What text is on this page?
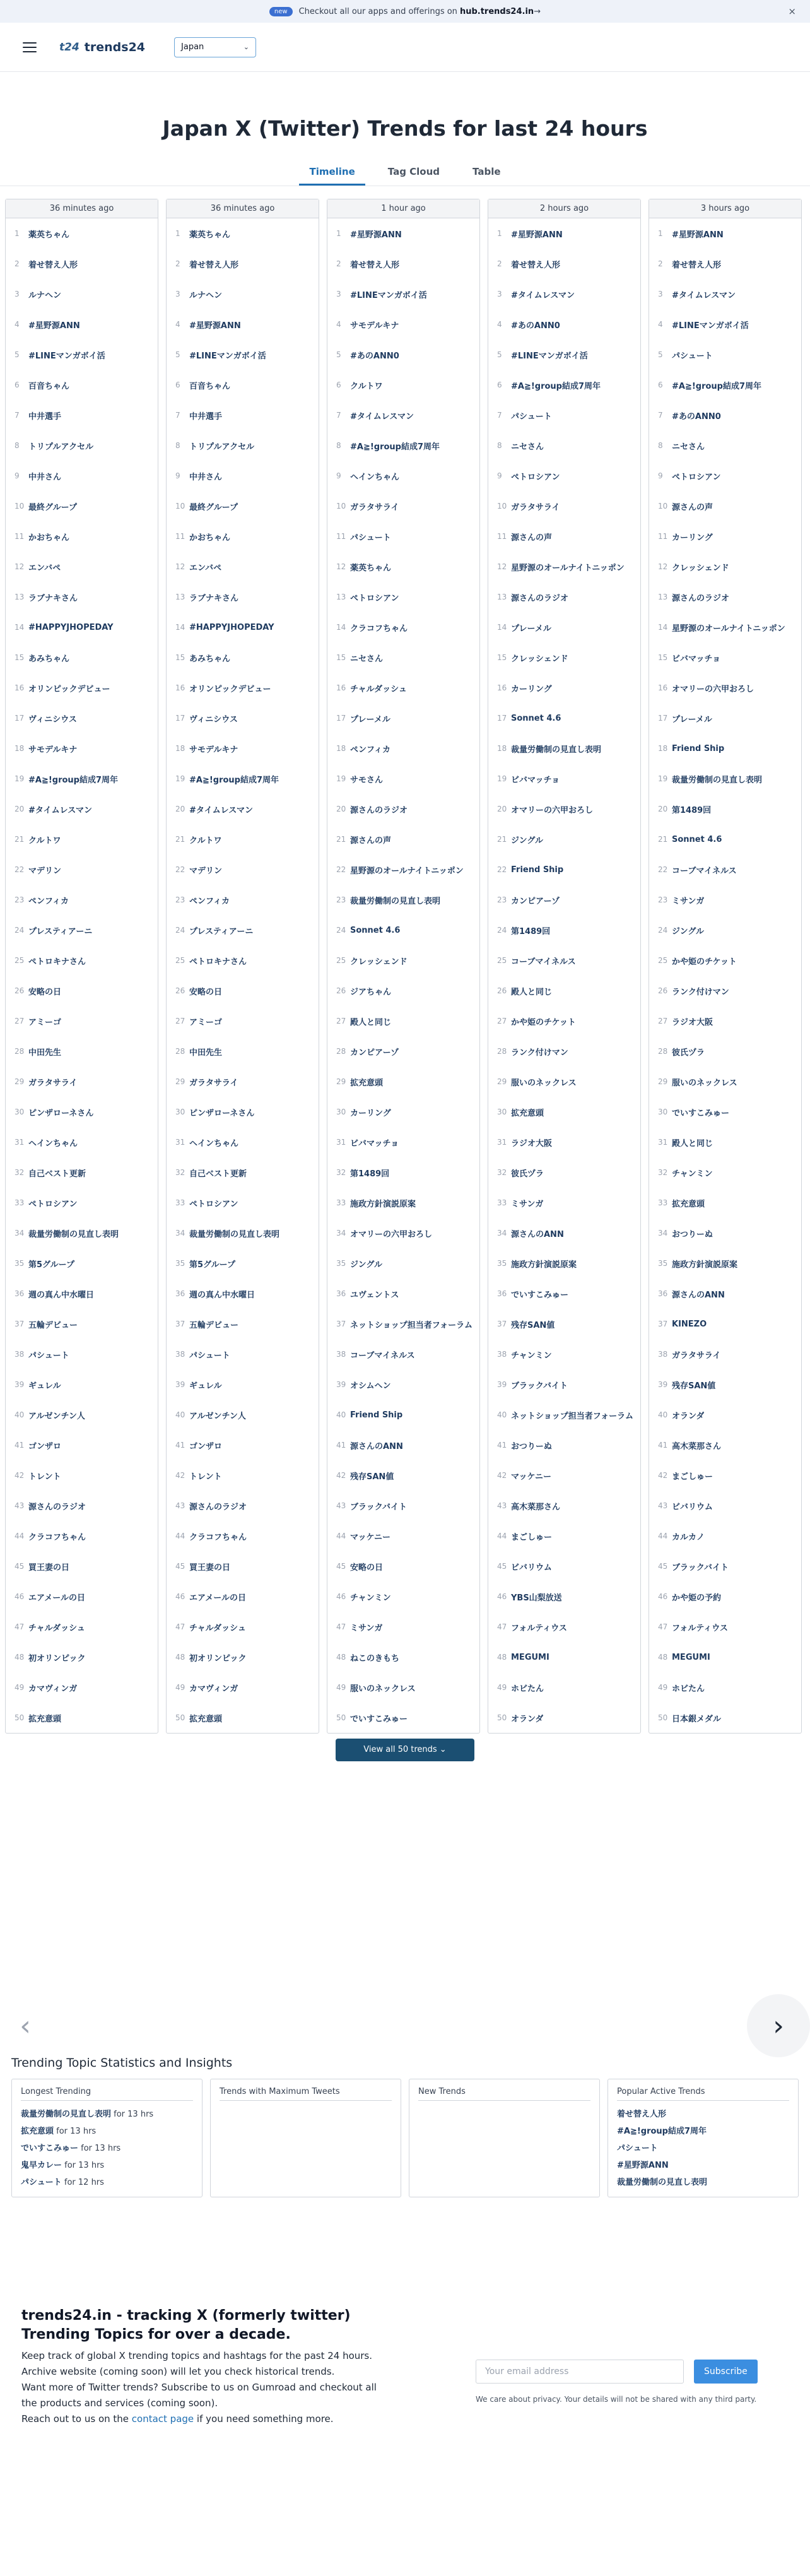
new	Checkout all our apps and offerings on hub.trends24.in →	×
t24 trends24	Japan	⌄
Japan X (Twitter) Trends for last 24 hours
Timeline	Tag Cloud	Table
36 minutes ago
1	薬英ちゃん
2	着せ替え人形
3	ルナヘン
4	#星野源ANN
5	#LINEマンガボイ活
6	百音ちゃん
7	中井選手
8	トリプルアクセル
9	中井さん
10 最終グループ
11 かおちゃん
12 エンバペ
13 ラブナキさん
14 #HAPPYJHOPEDAY
15 あみちゃん
16 オリンピックデビュー
17 ヴィニシウス
18 サモデルキナ
19 #A≧!group結成7周年
20 #タイムレスマン
21 クルトワ
22 マデリン
23 ペンフィカ
24 プレスティアーニ
25 ペトロキナさん
26 安略の日
27 アミーゴ
28 中田先生
29 ガラタサライ
30 ピンザローネさん
31 ヘインちゃん
32 自己ベスト更新
33 ペトロシアン
34 裁量労働制の見直し表明
35 第5グループ
36 週の真ん中水曜日
37 五輪デビュー
38 パシュート
39 ギュレル
40 アルゼンチン人
41 ゴンザロ
42 トレント
43 源さんのラジオ
44 クラコフちゃん
45 買王妻の日
46 エアメールの日
47 チャルダッシュ
48 初オリンピック
49 カマヴィンガ
50 拡充意頭
36 minutes ago
1	薬英ちゃん
2	着せ替え人形
3	ルナヘン
4	#星野源ANN
5	#LINEマンガボイ活
6	百音ちゃん
7	中井選手
8	トリプルアクセル
9	中井さん
10 最終グループ
11 かおちゃん
12 エンバペ
13 ラブナキさん
14 #HAPPYJHOPEDAY
15 あみちゃん
16 オリンピックデビュー
17 ヴィニシウス
18 サモデルキナ
19 #A≧!group結成7周年
20 #タイムレスマン
21 クルトワ
22 マデリン
23 ペンフィカ
24 プレスティアーニ
25 ペトロキナさん
26 安略の日
27 アミーゴ
28 中田先生
29 ガラタサライ
30 ピンザローネさん
31 ヘインちゃん
32 自己ベスト更新
33 ペトロシアン
34 裁量労働制の見直し表明
35 第5グループ
36 週の真ん中水曜日
37 五輪デビュー
38 パシュート
39 ギュレル
40 アルゼンチン人
41 ゴンザロ
42 トレント
43 源さんのラジオ
44 クラコフちゃん
45 買王妻の日
46 エアメールの日
47 チャルダッシュ
48 初オリンピック
49 カマヴィンガ
50 拡充意頭
1 hour ago
1	#星野源ANN
2	着せ替え人形
3	#LINEマンガボイ活
4	サモデルキナ
5	#あのANN0
6	クルトワ
7	#タイムレスマン
8	#A≧!group結成7周年
9	ヘインちゃん
10 ガラタサライ
11 パシュート
12 薬英ちゃん
13 ペトロシアン
14 クラコフちゃん
15 ニセさん
16 チャルダッシュ
17 プレーメル
18 ペンフィカ
19 サモさん
20 源さんのラジオ
21 源さんの声
22 星野源のオールナイトニッポン
23 裁量労働制の見直し表明
24 Sonnet 4.6
25 クレッシェンド
26 ジアちゃん
27 殿人と同じ
28 カンピアーゾ
29 拡充意頭
30 カーリング
31 ビバマッチョ
32 第1489回
33 施政方針演説原案
34 オマリーの六甲おろし
35 ジングル
36 ユヴェントス
37 ネットショップ担当者フォーラム
38 コーブマイネルス
39 オシムヘン
40 Friend Ship
41 源さんのANN
42 残存SAN値
43 ブラックバイト
44 マッケニー
45 安略の日
46 チャンミン
47 ミサンガ
48 ねこのきもち
49 服いのネックレス
50 でいすこみゅー
2 hours ago
1	#星野源ANN
2	着せ替え人形
3	#タイムレスマン
4	#あのANN0
5	#LINEマンガボイ活
6	#A≧!group結成7周年
7	パシュート
8	ニセさん
9	ペトロシアン
10 ガラタサライ
11 源さんの声
12 星野源のオールナイトニッポン
13 源さんのラジオ
14 プレーメル
15 クレッシェンド
16 カーリング
17 Sonnet 4.6
18 裁量労働制の見直し表明
19 ビバマッチョ
20 オマリーの六甲おろし
21 ジングル
22 Friend Ship
23 カンピアーゾ
24 第1489回
25 コーブマイネルス
26 殿人と同じ
27 かや姫のチケット
28 ランク付けマン
29 服いのネックレス
30 拡充意頭
31 ラジオ大阪
32 彼氏ヅラ
33 ミサンガ
34 源さんのANN
35 施政方針演説原案
36 でいすこみゅー
37 残存SAN値
38 チャンミン
39 ブラックバイト
40 ネットショップ担当者フォーラム
41 おつりーぬ
42 マッケニー
43 高木菜那さん
44 まごしゅー
45 ビバリウム
46 YBS山梨放送
47 フォルティウス
48 MEGUMI
49 ホビたん
50 オランダ
3 hours ago
1	#星野源ANN
2	着せ替え人形
3	#タイムレスマン
4	#LINEマンガボイ活
5	パシュート
6	#A≧!group結成7周年
7	#あのANN0
8	ニセさん
9	ペトロシアン
10 源さんの声
11 カーリング
12 クレッシェンド
13 源さんのラジオ
14 星野源のオールナイトニッポン
15 ビバマッチョ
16 オマリーの六甲おろし
17 プレーメル
18 Friend Ship
19 裁量労働制の見直し表明
20 第1489回
21 Sonnet 4.6
22 コーブマイネルス
23 ミサンガ
24 ジングル
25 かや姫のチケット
26 ランク付けマン
27 ラジオ大阪
28 彼氏ヅラ
29 服いのネックレス
30 でいすこみゅー
31 殿人と同じ
32 チャンミン
33 拡充意頭
34 おつりーぬ
35 施政方針演説原案
36 源さんのANN
37 KINEZO
38 ガラタサライ
39 残存SAN値
40 オランダ
41 高木菜那さん
42 まごしゅー
43 ビバリウム
44 カルカノ
45 ブラックバイト
46 かや姫の予約
47 フォルティウス
48 MEGUMI
49 ホビたん
50 日本銀メダル
View all 50 trends ⌄
‹	›
Trending Topic Statistics and Insights
Longest Trending
裁量労働制の見直し表明 for 13 hrs
拡充意頭 for 13 hrs
でいすこみゅー for 13 hrs
鬼早カレー for 13 hrs
パシュート for 12 hrs
Trends with Maximum Tweets	New Trends	Popular Active Trends
着せ替え人形
#A≧!group結成7周年
パシュート
#星野源ANN
裁量労働制の見直し表明
trends24.in - tracking X (formerly twitter) Trending Topics for over a decade.

Keep track of global X trending topics and hashtags for the past 24 hours.
Archive website (coming soon) will let you check historical trends.
Want more of Twitter trends? Subscribe to us on Gumroad and checkout all the products and services (coming soon).
Reach out to us on the contact page if you need something more.

Your email address	Subscribe
We care about privacy. Your details will not be shared with any third party.
